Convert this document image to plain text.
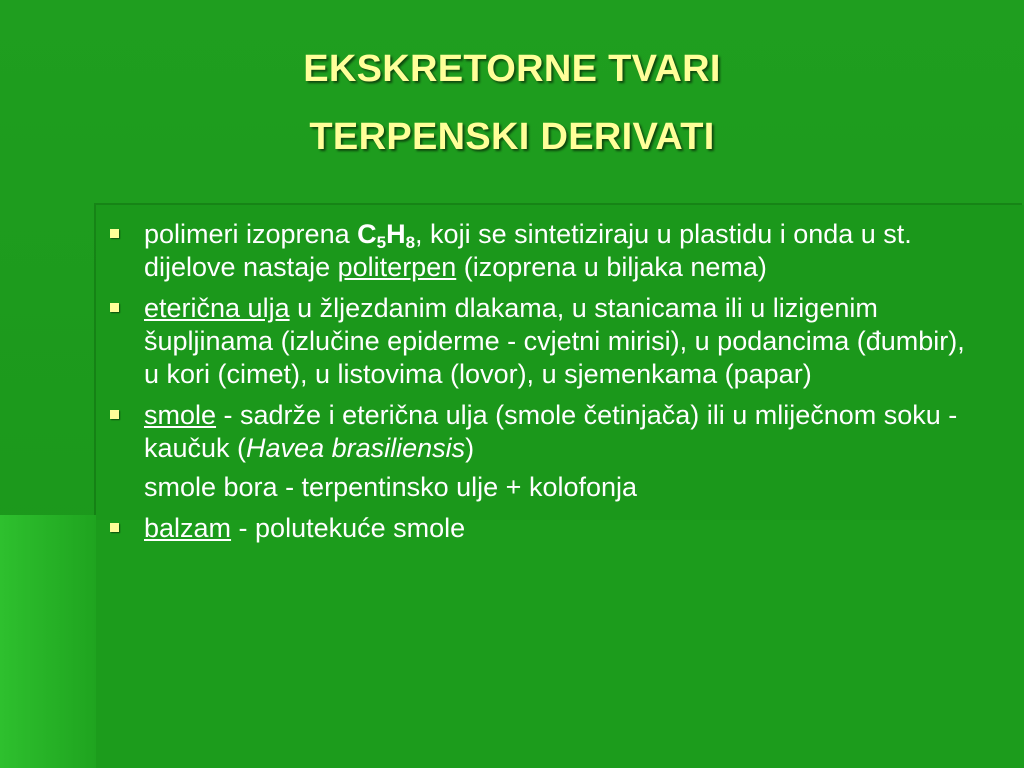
EKSKRETORNE TVARI
TERPENSKI DERIVATI
polimeri izoprena $C_5H_8$, koji se sintetiziraju u plastidu i onda u st. dijelove nastaje politerpen (izoprena u biljaka nema)
eterična ulja u žljezdanim dlakama, u stanicama ili u lizigenim šupljinama (izlučine epiderme - cvjetni mirisi), u podancima (đumbir), u kori (cimet), u listovima (lovor), u sjemenkama (papar)
smole - sadrže i eterična ulja (smole četinjača) ili u mliječnom soku - kaučuk (Havea brasiliensis)
smole bora - terpentinsko ulje + kolofonja
balzam - polutekuće smole
